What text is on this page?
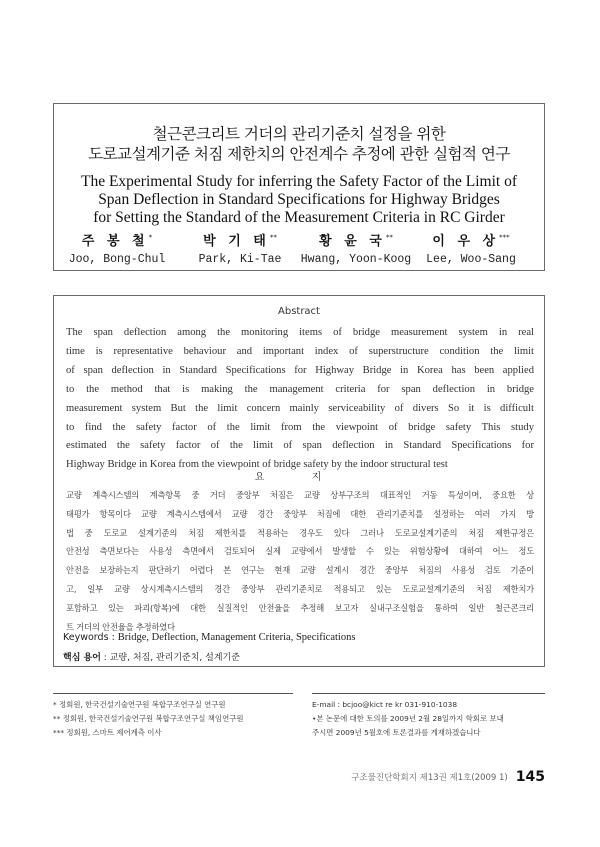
철근콘크리트 거더의 관리기준치 설정을 위한
도로교설계기준 처짐 제한치의 안전계수 추정에 관한 실험적 연구
The Experimental Study for inferring the Safety Factor of the Limit of
Span Deflection in Standard Specifications for Highway Bridges
for Setting the Standard of the Measurement Criteria in RC Girder
주 봉 철*
Joo, Bong-Chul
박 기 태**
Park, Ki-Tae
황 윤 국**
Hwang, Yoon-Koog
이 우 상***
Lee, Woo-Sang
Abstract
The span deflection among the monitoring items of bridge measurement system in real
time is representative behaviour and important index of superstructure condition the limit
of span deflection in Standard Specifications for Highway Bridge in Korea has been applied
to the method that is making the management criteria for span deflection in bridge
measurement system But the limit concern mainly serviceability of divers So it is difficult
to find the safety factor of the limit from the viewpoint of bridge safety This study
estimated the safety factor of the limit of span deflection in Standard Specifications for
Highway Bridge in Korea from the viewpoint of bridge safety by the indoor structural test
요 지
교량 계측시스템의 계측항목 중 거더 중앙부 처짐은 교량 상부구조의 대표적인 거동 특성이며, 중요한 상
태평가 항목이다 교량 계측시스템에서 교량 경간 중앙부 처짐에 대한 관리기준치를 설정하는 여러 가지 방
법 중 도로교 설계기준의 처짐 제한치를 적용하는 경우도 있다 그러나 도로교설계기준의 처짐 제한규정은
안전성 측면보다는 사용성 측면에서 검토되어 실제 교량에서 발생할 수 있는 위험상황에 대하여 어느 정도
안전을 보장하는지 판단하기 어렵다 본 연구는 현재 교량 설계시 경간 중앙부 처짐의 사용성 검토 기준이
고, 일부 교량 상시계측시스템의 경간 중앙부 관리기준치로 적용되고 있는 도로교설계기준의 처짐 제한치가
포함하고 있는 파괴(항복)에 대한 실질적인 안전율을 추정해 보고자 실내구조실험을 통하여 일반 철근콘크리
트 거더의 안전율을 추정하였다
Keywords : Bridge, Deflection, Management Criteria, Specifications
핵심 용어 : 교량, 처짐, 관리기준치, 설계기준
* 정회원, 한국건설기술연구원 복합구조연구실 연구원
** 정회원, 한국건설기술연구원 복합구조연구실 책임연구원
*** 정회원, 스마트 제어계측 이사
E-mail : bcjoo@kict re kr 031-910-1038
•본 논문에 대한 토의를 2009년 2월 28일까지 학회로 보내
주시면 2009년 5월호에 토론결과를 게재하겠습니다
구조물진단학회지 제13권 제1호(2009 1) 145
